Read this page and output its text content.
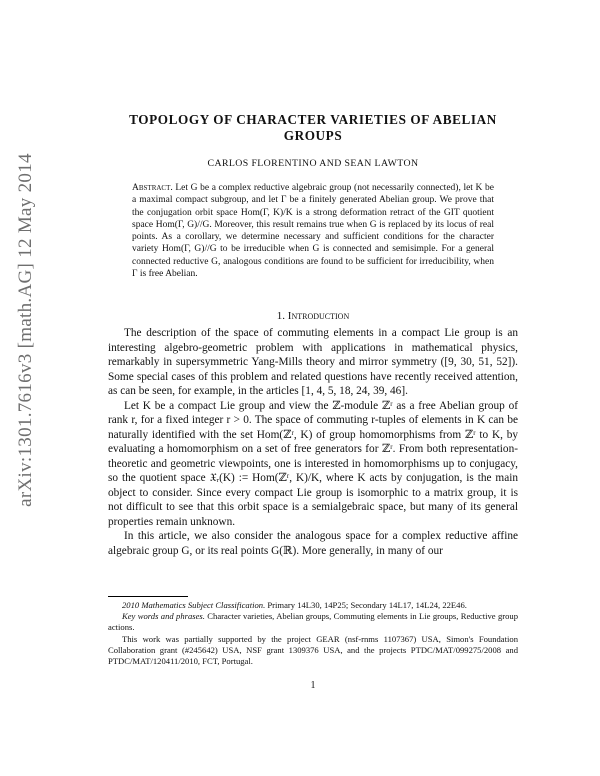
arXiv:1301.7616v3 [math.AG] 12 May 2014
TOPOLOGY OF CHARACTER VARIETIES OF ABELIAN
GROUPS
CARLOS FLORENTINO AND SEAN LAWTON
Abstract. Let G be a complex reductive algebraic group (not necessarily connected), let K be a maximal compact subgroup, and let Γ be a finitely generated Abelian group. We prove that the conjugation orbit space Hom(Γ, K)/K is a strong deformation retract of the GIT quotient space Hom(Γ, G)//G. Moreover, this result remains true when G is replaced by its locus of real points. As a corollary, we determine necessary and sufficient conditions for the character variety Hom(Γ, G)//G to be irreducible when G is connected and semisimple. For a general connected reductive G, analogous conditions are found to be sufficient for irreducibility, when Γ is free Abelian.
1. Introduction

The description of the space of commuting elements in a compact Lie group is an interesting algebro-geometric problem with applications in mathematical physics, remarkably in supersymmetric Yang-Mills theory and mirror symmetry ([9, 30, 51, 52]). Some special cases of this problem and related questions have recently received attention, as can be seen, for example, in the articles [1, 4, 5, 18, 24, 39, 46].

Let K be a compact Lie group and view the ℤ-module ℤʳ as a free Abelian group of rank r, for a fixed integer r > 0. The space of commuting r-tuples of elements in K can be naturally identified with the set Hom(ℤʳ, K) of group homomorphisms from ℤʳ to K, by evaluating a homomorphism on a set of free generators for ℤʳ. From both representation-theoretic and geometric viewpoints, one is interested in homomorphisms up to conjugacy, so the quotient space 𝔛ᵣ(K) := Hom(ℤʳ, K)/K, where K acts by conjugation, is the main object to consider. Since every compact Lie group is isomorphic to a matrix group, it is not difficult to see that this orbit space is a semialgebraic space, but many of its general properties remain unknown.

In this article, we also consider the analogous space for a complex reductive affine algebraic group G, or its real points G(ℝ). More generally, in many of our

2010 Mathematics Subject Classification. Primary 14L30, 14P25; Secondary 14L17, 14L24, 22E46.

Key words and phrases. Character varieties, Abelian groups, Commuting elements in Lie groups, Reductive group actions.

This work was partially supported by the project GEAR (nsf-rnms 1107367) USA, Simon's Foundation Collaboration grant (#245642) USA, NSF grant 1309376 USA, and the projects PTDC/MAT/099275/2008 and PTDC/MAT/120411/2010, FCT, Portugal.

1
